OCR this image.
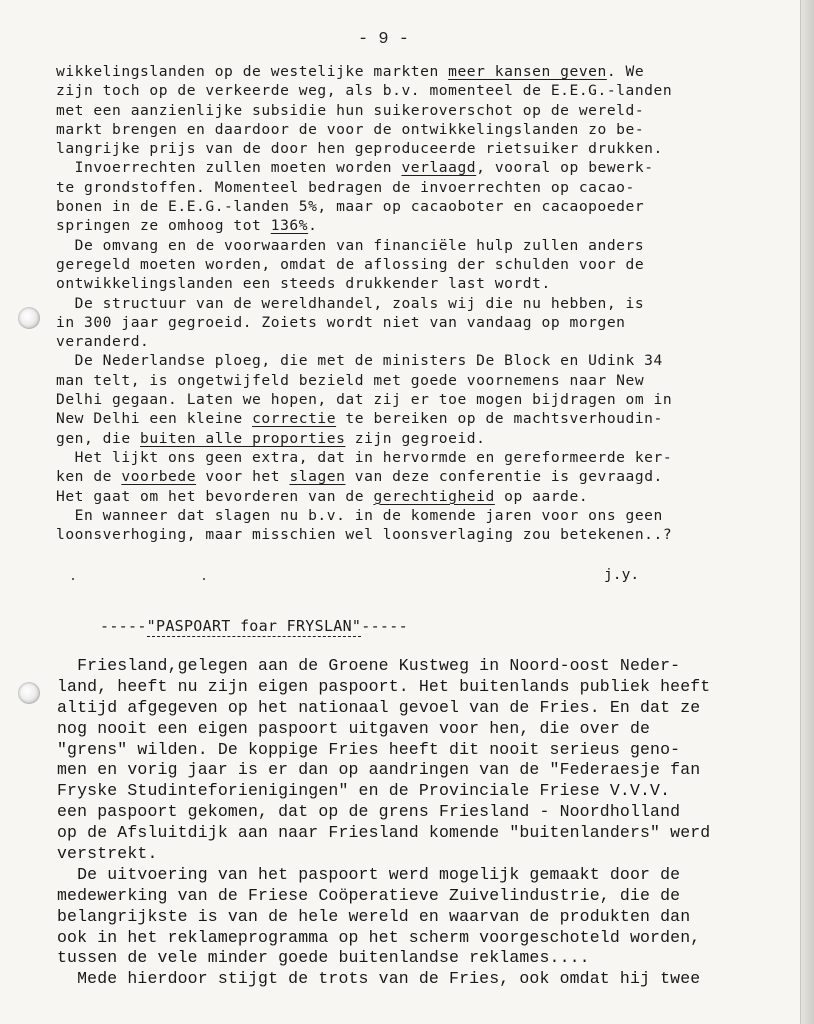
- 9 -
wikkelingslanden op de westelijke markten meer kansen geven. We
zijn toch op de verkeerde weg, als b.v. momenteel de E.E.G.-landen
met een aanzienlijke subsidie hun suikeroverschot op de wereld-
markt brengen en daardoor de voor de ontwikkelingslanden zo be-
langrijke prijs van de door hen geproduceerde rietsuiker drukken.
Invoerrechten zullen moeten worden verlaagd, vooral op bewerk-
te grondstoffen. Momenteel bedragen de invoerrechten op cacao-
bonen in de E.E.G.-landen 5%, maar op cacaoboter en cacaopoeder
springen ze omhoog tot 136%.
De omvang en de voorwaarden van financiële hulp zullen anders
geregeld moeten worden, omdat de aflossing der schulden voor de
ontwikkelingslanden een steeds drukkender last wordt.
De structuur van de wereldhandel, zoals wij die nu hebben, is
in 300 jaar gegroeid. Zoiets wordt niet van vandaag op morgen
veranderd.
De Nederlandse ploeg, die met de ministers De Block en Udink 34
man telt, is ongetwijfeld bezield met goede voornemens naar New
Delhi gegaan. Laten we hopen, dat zij er toe mogen bijdragen om in
New Delhi een kleine correctie te bereiken op de machtsverhoudin-
gen, die buiten alle proporties zijn gegroeid.
Het lijkt ons geen extra, dat in hervormde en gereformeerde ker-
ken de voorbede voor het slagen van deze conferentie is gevraagd.
Het gaat om het bevorderen van de gerechtigheid op aarde.
En wanneer dat slagen nu b.v. in de komende jaren voor ons geen
loonsverhoging, maar misschien wel loonsverlaging zou betekenen..?
j.y.
-----"PASPOART foar FRYSLAN"-----
Friesland,gelegen aan de Groene Kustweg in Noord-oost Neder-
land, heeft nu zijn eigen paspoort. Het buitenlands publiek heeft
altijd afgegeven op het nationaal gevoel van de Fries. En dat ze
nog nooit een eigen paspoort uitgaven voor hen, die over de
"grens" wilden. De koppige Fries heeft dit nooit serieus geno-
men en vorig jaar is er dan op aandringen van de "Federaesje fan
Fryske Studinteforienigingen" en de Provinciale Friese V.V.V.
een paspoort gekomen, dat op de grens Friesland - Noordholland
op de Afsluitdijk aan naar Friesland komende "buitenlanders" werd
verstrekt.
De uitvoering van het paspoort werd mogelijk gemaakt door de
medewerking van de Friese Coöperatieve Zuivelindustrie, die de
belangrijkste is van de hele wereld en waarvan de produkten dan
ook in het reklameprogramma op het scherm voorgeschoteld worden,
tussen de vele minder goede buitenlandse reklames....
Mede hierdoor stijgt de trots van de Fries, ook omdat hij twee
